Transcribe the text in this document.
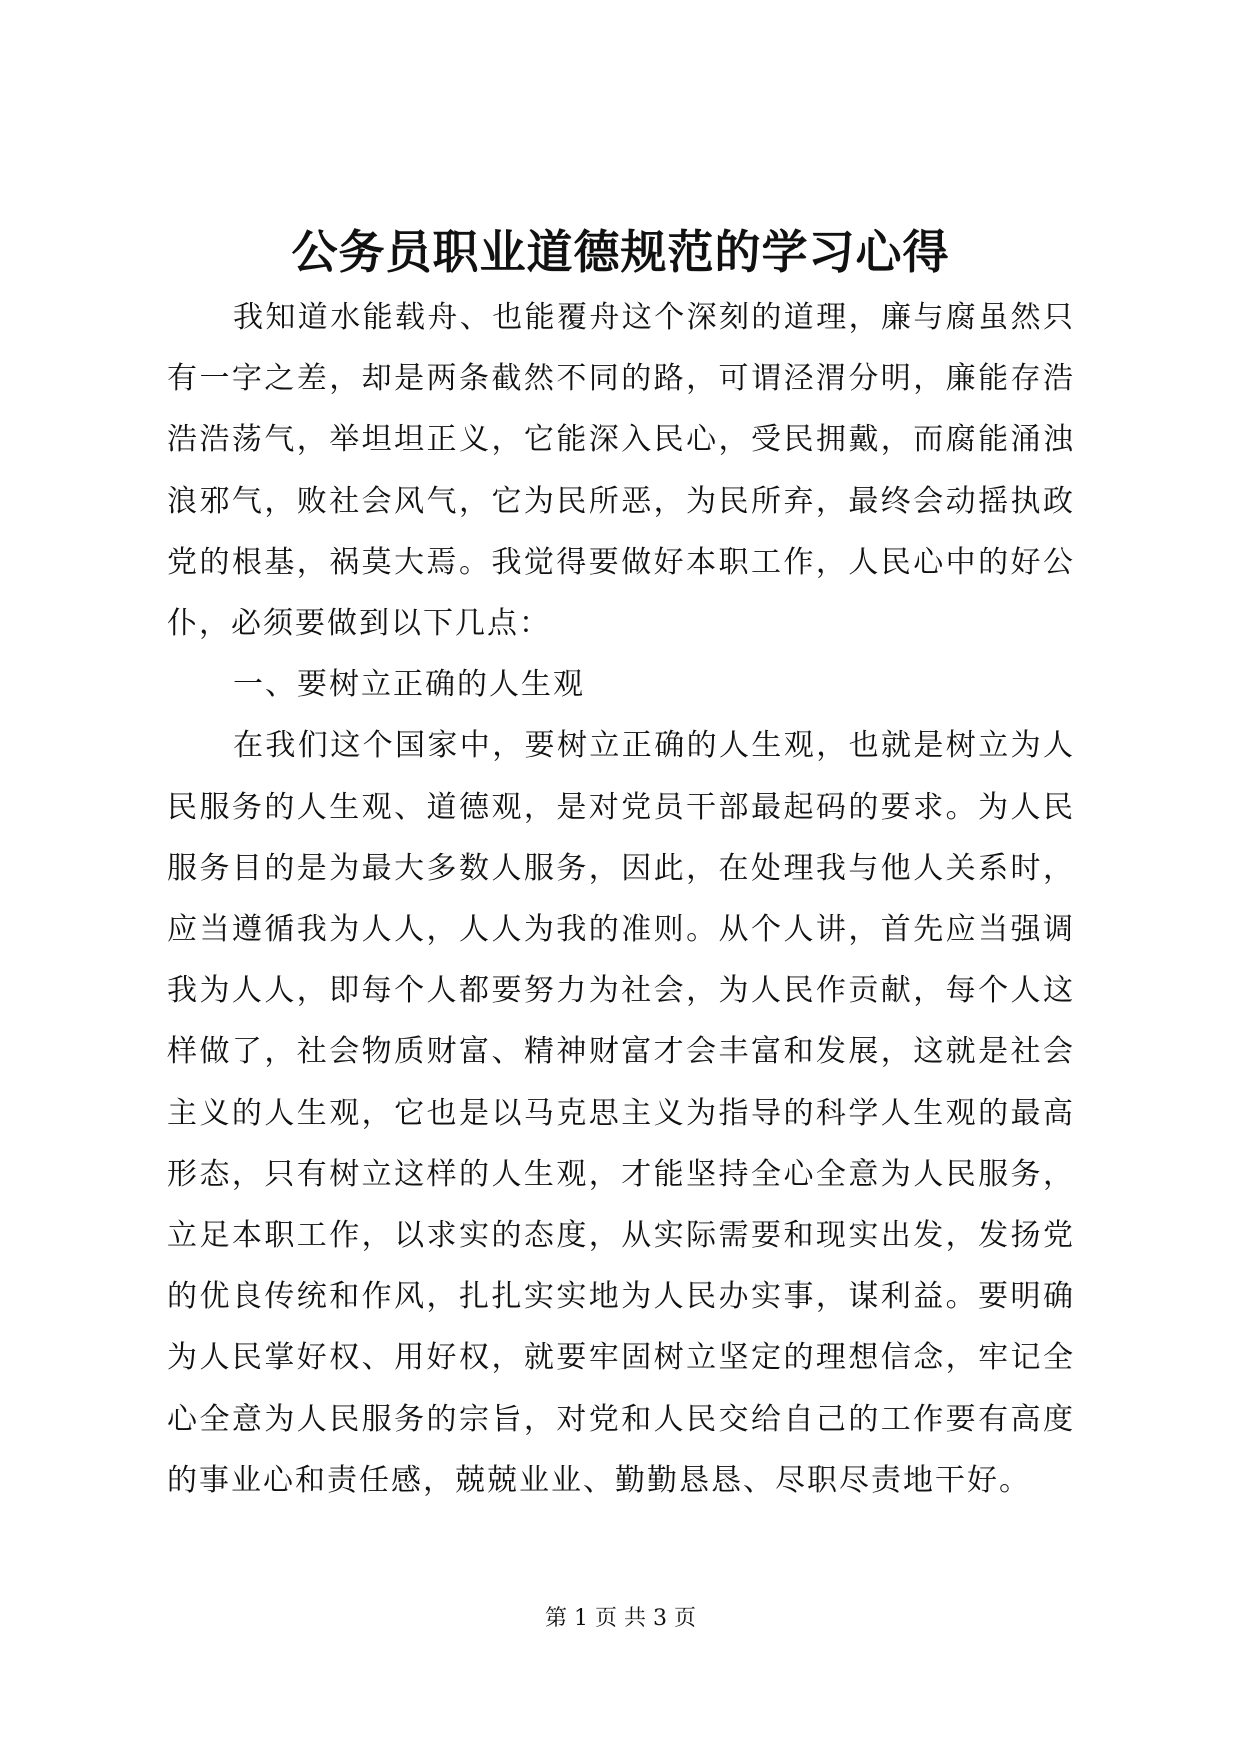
公务员职业道德规范的学习心得

我知道水能载舟、也能覆舟这个深刻的道理，廉与腐虽然只有一字之差，却是两条截然不同的路，可谓泾渭分明，廉能存浩浩浩荡气，举坦坦正义，它能深入民心，受民拥戴，而腐能涌浊浪邪气，败社会风气，它为民所恶，为民所弃，最终会动摇执政党的根基，祸莫大焉。我觉得要做好本职工作，人民心中的好公仆，必须要做到以下几点：

一、要树立正确的人生观

在我们这个国家中，要树立正确的人生观，也就是树立为人民服务的人生观、道德观，是对党员干部最起码的要求。为人民服务目的是为最大多数人服务，因此，在处理我与他人关系时，应当遵循我为人人，人人为我的准则。从个人讲，首先应当强调我为人人，即每个人都要努力为社会，为人民作贡献，每个人这样做了，社会物质财富、精神财富才会丰富和发展，这就是社会主义的人生观，它也是以马克思主义为指导的科学人生观的最高形态，只有树立这样的人生观，才能坚持全心全意为人民服务，立足本职工作，以求实的态度，从实际需要和现实出发，发扬党的优良传统和作风，扎扎实实地为人民办实事，谋利益。要明确为人民掌好权、用好权，就要牢固树立坚定的理想信念，牢记全心全意为人民服务的宗旨，对党和人民交给自己的工作要有高度的事业心和责任感，兢兢业业、勤勤恳恳、尽职尽责地干好。

第 1 页 共 3 页
